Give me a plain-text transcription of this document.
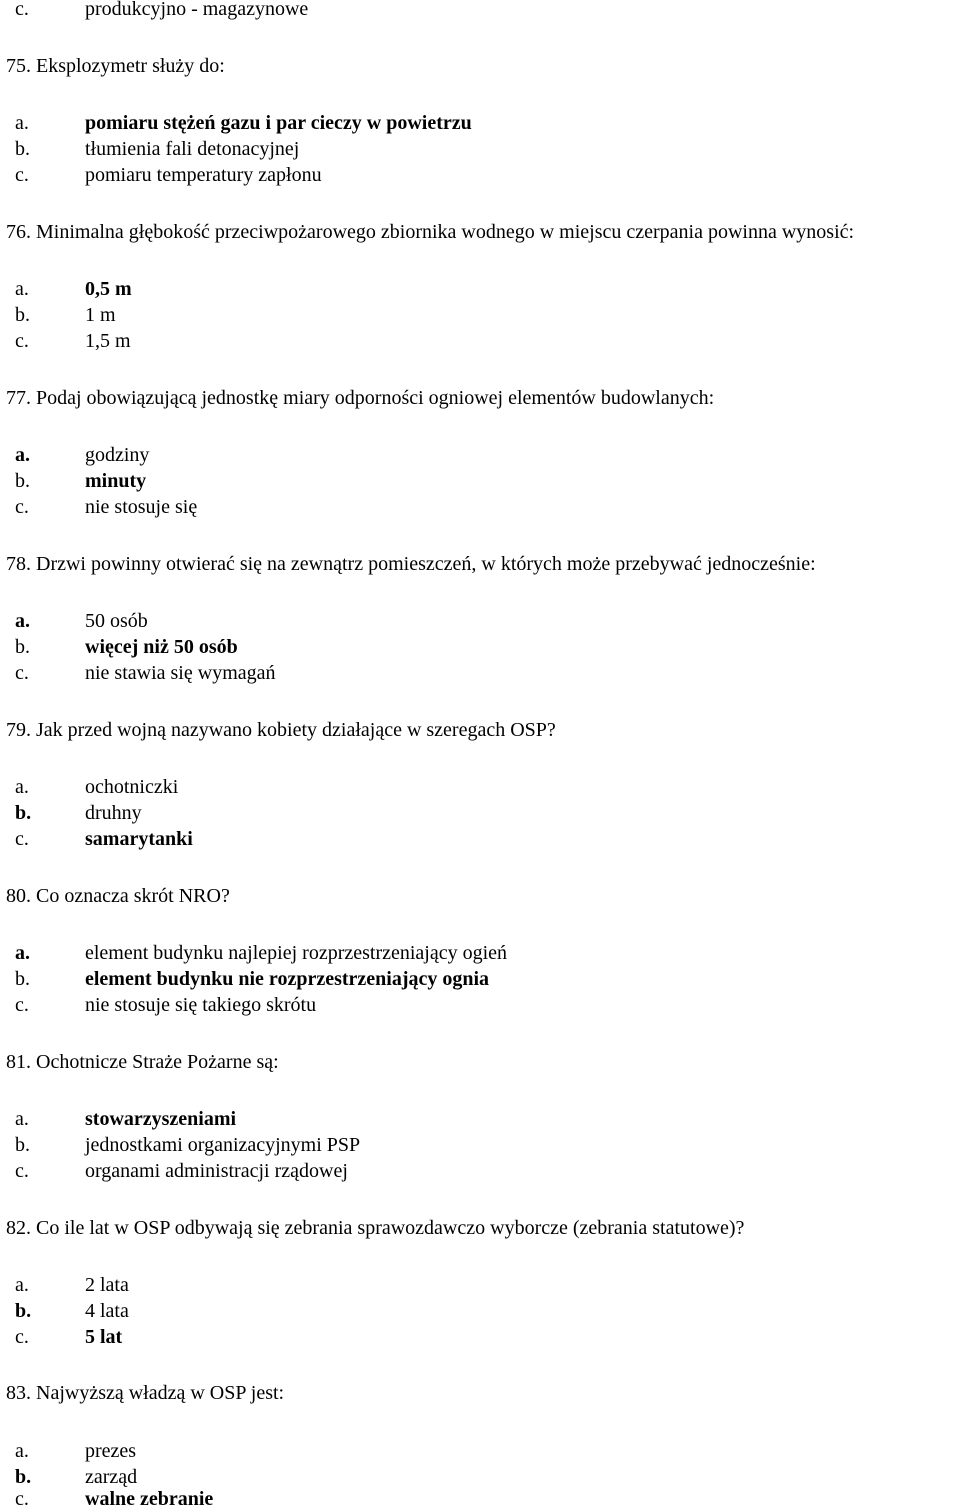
c.	produkcyjno - magazynowe
75. Eksplozymetr służy do:
a.	pomiaru stężeń gazu i par cieczy w powietrzu
b.	tłumienia fali detonacyjnej
c.	pomiaru temperatury zapłonu
76. Minimalna głębokość przeciwpożarowego zbiornika wodnego w miejscu czerpania powinna wynosić:
a.	0,5 m
b.	1 m
c.	1,5 m
77. Podaj obowiązującą jednostkę miary odporności ogniowej elementów budowlanych:
a.	godziny
b.	minuty
c.	nie stosuje się
78. Drzwi powinny otwierać się na zewnątrz pomieszczeń, w których może przebywać jednocześnie:
a.	50 osób
b.	więcej niż 50 osób
c.	nie stawia się wymagań
79. Jak przed wojną nazywano kobiety działające w szeregach OSP?
a.	ochotniczki
b.	druhny
c.	samarytanki
80. Co oznacza skrót NRO?
a.	element budynku najlepiej rozprzestrzeniający ogień
b.	element budynku nie rozprzestrzeniający ognia
c.	nie stosuje się takiego skrótu
81. Ochotnicze Straże Pożarne są:
a.	stowarzyszeniami
b.	jednostkami organizacyjnymi PSP
c.	organami administracji rządowej
82. Co ile lat w OSP odbywają się zebrania sprawozdawczo wyborcze (zebrania statutowe)?
a.	2 lata
b.	4 lata
c.	5 lat
83. Najwyższą władzą w OSP jest:
a.	prezes
b.	zarząd
c.	walne zebranie
